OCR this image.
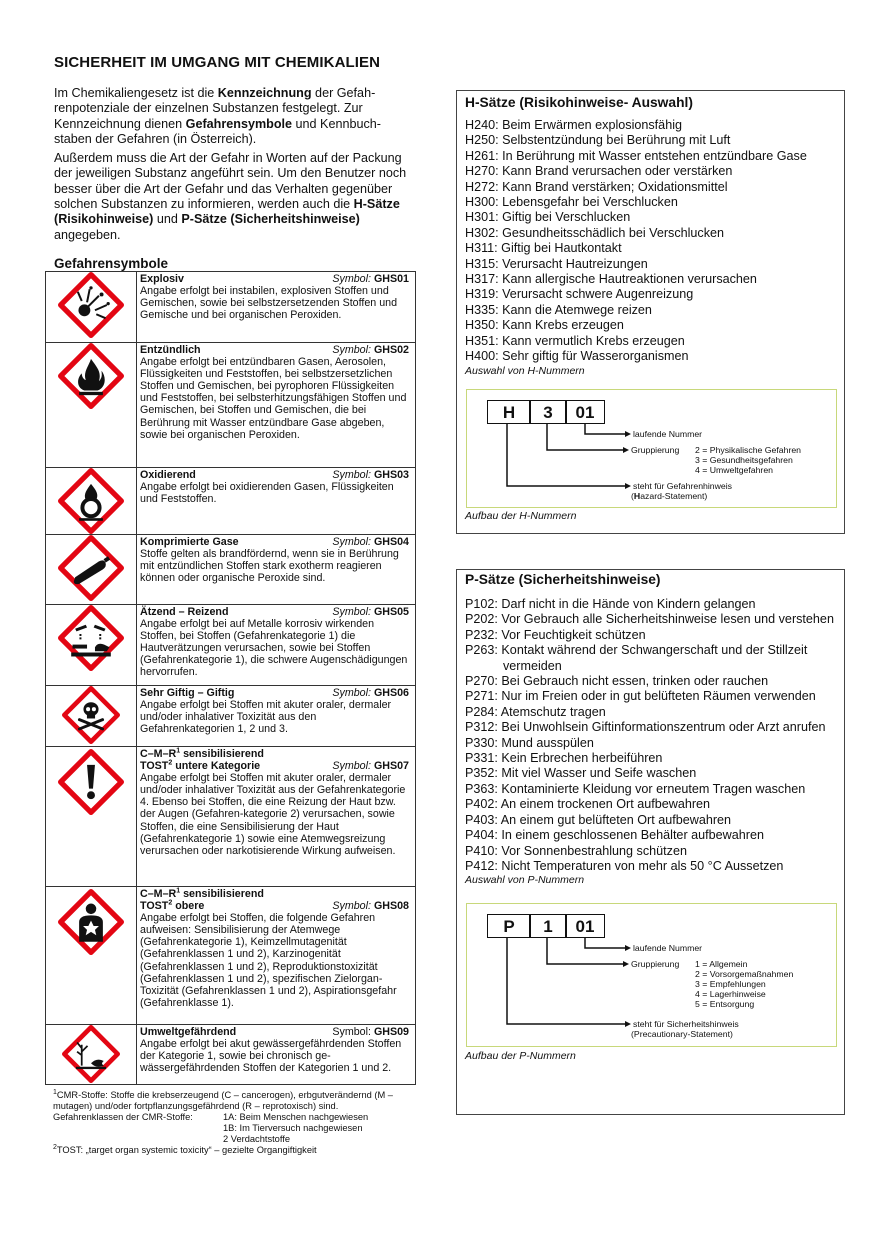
SICHERHEIT IM UMGANG MIT CHEMIKALIEN

Im Chemikaliengesetz ist die Kennzeichnung der Gefah-renpotenziale der einzelnen Substanzen festgelegt. Zur Kennzeichnung dienen Gefahrensymbole und Kennbuch-staben der Gefahren (in Österreich).

Außerdem muss die Art der Gefahr in Worten auf der Packung der jeweiligen Substanz angeführt sein. Um den Benutzer noch besser über die Art der Gefahr und das Verhalten gegenüber solchen Substanzen zu informieren, werden auch die H-Sätze (Risikohinweise) und P-Sätze (Sicherheitshinweise) angegeben.

Gefahrensymbole

Explosiv Symbol: GHS01
Angabe erfolgt bei instabilen, explosiven Stoffen und Gemischen, sowie bei selbstzersetzenden Stoffen und Gemische und bei organischen Peroxiden.

Entzündlich Symbol: GHS02
Angabe erfolgt bei entzündbaren Gasen, Aerosolen, Flüssigkeiten und Feststoffen, bei selbstzersetzlichen Stoffen und Gemischen, bei pyrophoren Flüssigkeiten und Feststoffen, bei selbsterhitzungsfähigen Stoffen und Gemischen, bei Stoffen und Gemischen, die bei Berührung mit Wasser entzündbare Gase abgeben, sowie bei organischen Peroxiden.

Oxidierend Symbol: GHS03
Angabe erfolgt bei oxidierenden Gasen, Flüssigkeiten und Feststoffen.

Komprimierte Gase Symbol: GHS04
Stoffe gelten als brandfördernd, wenn sie in Berührung mit entzündlichen Stoffen stark exotherm reagieren können oder organische Peroxide sind.

Ätzend – Reizend Symbol: GHS05
Angabe erfolgt bei auf Metalle korrosiv wirkenden Stoffen, bei Stoffen (Gefahrenkategorie 1) die Hautverätzungen verursachen, sowie bei Stoffen (Gefahrenkategorie 1), die schwere Augenschädigungen hervorrufen.

Sehr Giftig – Giftig Symbol: GHS06
Angabe erfolgt bei Stoffen mit akuter oraler, dermaler und/oder inhalativer Toxizität aus den Gefahrenkategorien 1, 2 und 3.

$C-M-R^1$ sensibilisierend
TOST$^2$ untere Kategorie Symbol: GHS07
Angabe erfolgt bei Stoffen mit akuter oraler, dermaler und/oder inhalativer Toxizität aus der Gefahrenkategorie 4. Ebenso bei Stoffen, die eine Reizung der Haut bzw. der Augen (Gefahren-kategorie 2) verursachen, sowie Stoffen, die eine Sensibilisierung der Haut (Gefahrenkategorie 1) sowie eine Atemwegsreizung verursachen oder narkotisierende Wirkung aufweisen.

$C-M-R^1$ sensibilisierend
TOST$^2$ obere Symbol: GHS08
Angabe erfolgt bei Stoffen, die folgende Gefahren aufweisen: Sensibilisierung der Atemwege (Gefahrenkategorie 1), Keimzellmutagenität (Gefahrenklassen 1 und 2), Karzinogenität (Gefahrenklassen 1 und 2), Reproduktionstoxizität (Gefahrenklassen 1 und 2), spezifischen Zielorgan-Toxizität (Gefahrenklassen 1 und 2), Aspirationsgefahr (Gefahrenklasse 1).

Umweltgefährdend Symbol: GHS09
Angabe erfolgt bei akut gewässergefährdenden Stoffen der Kategorie 1, sowie bei chronisch ge-wässergefährdenden Stoffen der Kategorien 1 und 2.
$^1$CMR-Stoffe: Stoffe die krebserzeugend (C – cancerogen), erbgutverändernd (M – mutagen) und/oder fortpflanzungsgefährdend (R – reprotoxisch) sind.
Gefahrenklassen der CMR-Stoffe:	1A: Beim Menschen nachgewiesen
1B: Im Tierversuch nachgewiesen
2 Verdachtstoffe
$^2$TOST: „target organ systemic toxicity“ – gezielte Organgiftigkeit
H-Sätze (Risikohinweise- Auswahl)
H240: Beim Erwärmen explosionsfähig
H250: Selbstentzündung bei Berührung mit Luft
H261: In Berührung mit Wasser entstehen entzündbare Gase
H270: Kann Brand verursachen oder verstärken
H272: Kann Brand verstärken; Oxidationsmittel
H300: Lebensgefahr bei Verschlucken
H301: Giftig bei Verschlucken
H302: Gesundheitsschädlich bei Verschlucken
H311: Giftig bei Hautkontakt
H315: Verursacht Hautreizungen
H317: Kann allergische Hautreaktionen verursachen
H319: Verursacht schwere Augenreizung
H335: Kann die Atemwege reizen
H350: Kann Krebs erzeugen
H351: Kann vermutlich Krebs erzeugen
H400: Sehr giftig für Wasserorganismen
Auswahl von H-Nummern
H	3	01
laufende Nummer
Gruppierung 2 = Physikalische Gefahren
3 = Gesundheitsgefahren
4 = Umweltgefahren
steht für Gefahrenhinweis
(Hazard-Statement)
Aufbau der H-Nummern
P-Sätze (Sicherheitshinweise)
P102: Darf nicht in die Hände von Kindern gelangen
P202: Vor Gebrauch alle Sicherheitshinweise lesen und verstehen
P232: Vor Feuchtigkeit schützen
P263: Kontakt während der Schwangerschaft und der Stillzeit vermeiden
P270: Bei Gebrauch nicht essen, trinken oder rauchen
P271: Nur im Freien oder in gut belüfteten Räumen verwenden
P284: Atemschutz tragen
P312: Bei Unwohlsein Giftinformationszentrum oder Arzt anrufen
P330: Mund ausspülen
P331: Kein Erbrechen herbeiführen
P352: Mit viel Wasser und Seife waschen
P363: Kontaminierte Kleidung vor erneutem Tragen waschen
P402: An einem trockenen Ort aufbewahren
P403: An einem gut belüfteten Ort aufbewahren
P404: In einem geschlossenen Behälter aufbewahren
P410: Vor Sonnenbestrahlung schützen
P412: Nicht Temperaturen von mehr als 50 °C Aussetzen
Auswahl von P-Nummern
P	1	01
laufende Nummer
Gruppierung 1 = Allgemein
2 = Vorsorgemaßnahmen
3 = Empfehlungen
4 = Lagerhinweise
5 = Entsorgung
steht für Sicherheitshinweis
(Precautionary-Statement)
Aufbau der P-Nummern
